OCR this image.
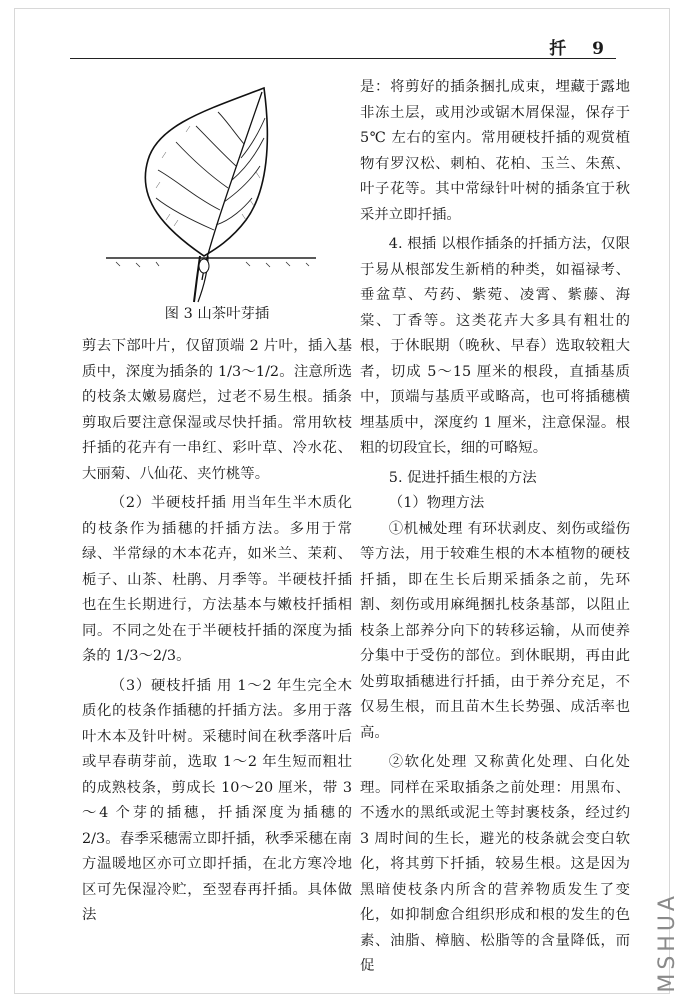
扦 9
图 3 山茶叶芽插

剪去下部叶片，仅留顶端 2 片叶，插入基质中，深度为插条的 1/3～1/2。注意所选的枝条太嫩易腐烂，过老不易生根。插条剪取后要注意保湿或尽快扦插。常用软枝扦插的花卉有一串红、彩叶草、冷水花、大丽菊、八仙花、夹竹桃等。

（2）半硬枝扦插 用当年生半木质化的枝条作为插穗的扦插方法。多用于常绿、半常绿的木本花卉，如米兰、茉莉、栀子、山茶、杜鹃、月季等。半硬枝扦插也在生长期进行，方法基本与嫩枝扦插相同。不同之处在于半硬枝扦插的深度为插条的 1/3～2/3。

（3）硬枝扦插 用 1～2 年生完全木质化的枝条作插穗的扦插方法。多用于落叶木本及针叶树。采穗时间在秋季落叶后或早春萌芽前，选取 1～2 年生短而粗壮的成熟枝条，剪成长 10～20 厘米，带 3～4 个芽的插穗，扦插深度为插穗的 2/3。春季采穗需立即扦插，秋季采穗在南方温暖地区亦可立即扦插，在北方寒冷地区可先保湿冷贮，至翌春再扦插。具体做法

是：将剪好的插条捆扎成束，埋藏于露地非冻土层，或用沙或锯木屑保湿，保存于 5℃ 左右的室内。常用硬枝扦插的观赏植物有罗汉松、刺柏、花柏、玉兰、朱蕉、叶子花等。其中常绿针叶树的插条宜于秋采并立即扦插。

4. 根插 以根作插条的扦插方法，仅限于易从根部发生新梢的种类，如福禄考、垂盆草、芍药、紫菀、凌霄、紫藤、海棠、丁香等。这类花卉大多具有粗壮的根，于休眠期（晚秋、早春）选取较粗大者，切成 5～15 厘米的根段，直插基质中，顶端与基质平或略高，也可将插穗横埋基质中，深度约 1 厘米，注意保湿。根粗的切段宜长，细的可略短。

5. 促进扦插生根的方法

（1）物理方法

①机械处理 有环状剥皮、刻伤或缢伤等方法，用于较难生根的木本植物的硬枝扦插，即在生长后期采插条之前，先环割、刻伤或用麻绳捆扎枝条基部，以阻止枝条上部养分向下的转移运输，从而使养分集中于受伤的部位。到休眠期，再由此处剪取插穗进行扦插，由于养分充足，不仅易生根，而且苗木生长势强、成活率也高。

②软化处理 又称黄化处理、白化处理。同样在采取插条之前处理：用黑布、不透水的黑纸或泥土等封裹枝条，经过约 3 周时间的生长，避光的枝条就会变白软化，将其剪下扦插，较易生根。这是因为黑暗使枝条内所含的营养物质发生了变化，如抑制愈合组织形成和根的发生的色素、油脂、樟脑、松脂等的含量降低，而促	MSHUA
